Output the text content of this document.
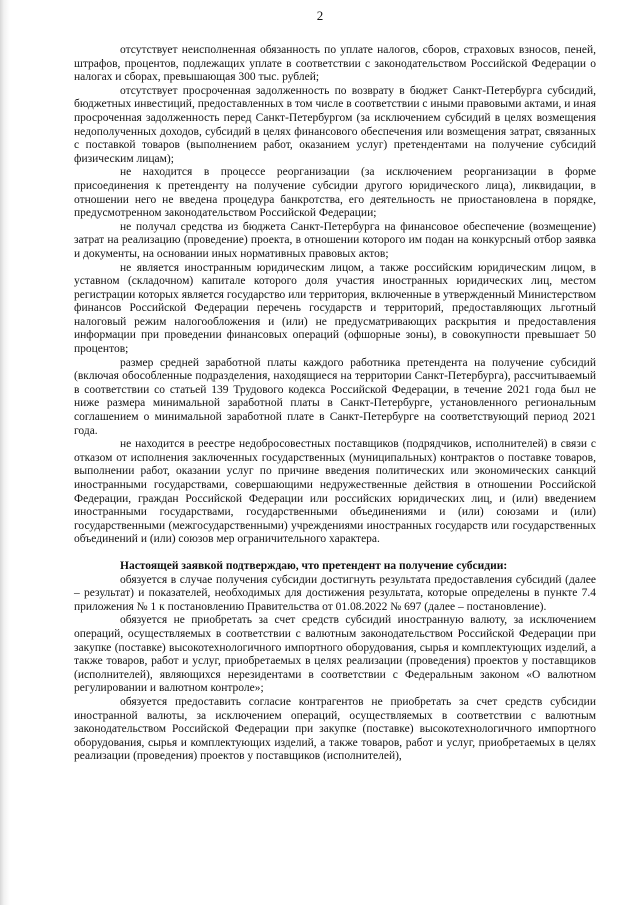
2

отсутствует неисполненная обязанность по уплате налогов, сборов, страховых взносов, пеней, штрафов, процентов, подлежащих уплате в соответствии с законодательством Российской Федерации о налогах и сборах, превышающая 300 тыс. рублей;

отсутствует просроченная задолженность по возврату в бюджет Санкт-Петербурга субсидий, бюджетных инвестиций, предоставленных в том числе в соответствии с иными правовыми актами, и иная просроченная задолженность перед Санкт-Петербургом (за исключением субсидий в целях возмещения недополученных доходов, субсидий в целях финансового обеспечения или возмещения затрат, связанных с поставкой товаров (выполнением работ, оказанием услуг) претендентами на получение субсидий физическим лицам);

не находится в процессе реорганизации (за исключением реорганизации в форме присоединения к претенденту на получение субсидии другого юридического лица), ликвидации, в отношении него не введена процедура банкротства, его деятельность не приостановлена в порядке, предусмотренном законодательством Российской Федерации;

не получал средства из бюджета Санкт-Петербурга на финансовое обеспечение (возмещение) затрат на реализацию (проведение) проекта, в отношении которого им подан на конкурсный отбор заявка и документы, на основании иных нормативных правовых актов;

не является иностранным юридическим лицом, а также российским юридическим лицом, в уставном (складочном) капитале которого доля участия иностранных юридических лиц, местом регистрации которых является государство или территория, включенные в утвержденный Министерством финансов Российской Федерации перечень государств и территорий, предоставляющих льготный налоговый режим налогообложения и (или) не предусматривающих раскрытия и предоставления информации при проведении финансовых операций (офшорные зоны), в совокупности превышает 50 процентов;

размер средней заработной платы каждого работника претендента на получение субсидий (включая обособленные подразделения, находящиеся на территории Санкт-Петербурга), рассчитываемый в соответствии со статьей 139 Трудового кодекса Российской Федерации, в течение 2021 года был не ниже размера минимальной заработной платы в Санкт-Петербурге, установленного региональным соглашением о минимальной заработной плате в Санкт-Петербурге на соответствующий период 2021 года.

не находится в реестре недобросовестных поставщиков (подрядчиков, исполнителей) в связи с отказом от исполнения заключенных государственных (муниципальных) контрактов о поставке товаров, выполнении работ, оказании услуг по причине введения политических или экономических санкций иностранными государствами, совершающими недружественные действия в отношении Российской Федерации, граждан Российской Федерации или российских юридических лиц, и (или) введением иностранными государствами, государственными объединениями и (или) союзами и (или) государственными (межгосударственными) учреждениями иностранных государств или государственных объединений и (или) союзов мер ограничительного характера.

Настоящей заявкой подтверждаю, что претендент на получение субсидии:

обязуется в случае получения субсидии достигнуть результата предоставления субсидий (далее – результат) и показателей, необходимых для достижения результата, которые определены в пункте 7.4 приложения № 1 к постановлению Правительства от 01.08.2022 № 697 (далее – постановление).

обязуется не приобретать за счет средств субсидий иностранную валюту, за исключением операций, осуществляемых в соответствии с валютным законодательством Российской Федерации при закупке (поставке) высокотехнологичного импортного оборудования, сырья и комплектующих изделий, а также товаров, работ и услуг, приобретаемых в целях реализации (проведения) проектов у поставщиков (исполнителей), являющихся нерезидентами в соответствии с Федеральным законом «О валютном регулировании и валютном контроле»;

обязуется предоставить согласие контрагентов не приобретать за счет средств субсидии иностранной валюты, за исключением операций, осуществляемых в соответствии с валютным законодательством Российской Федерации при закупке (поставке) высокотехнологичного импортного оборудования, сырья и комплектующих изделий, а также товаров, работ и услуг, приобретаемых в целях реализации (проведения) проектов у поставщиков (исполнителей),
